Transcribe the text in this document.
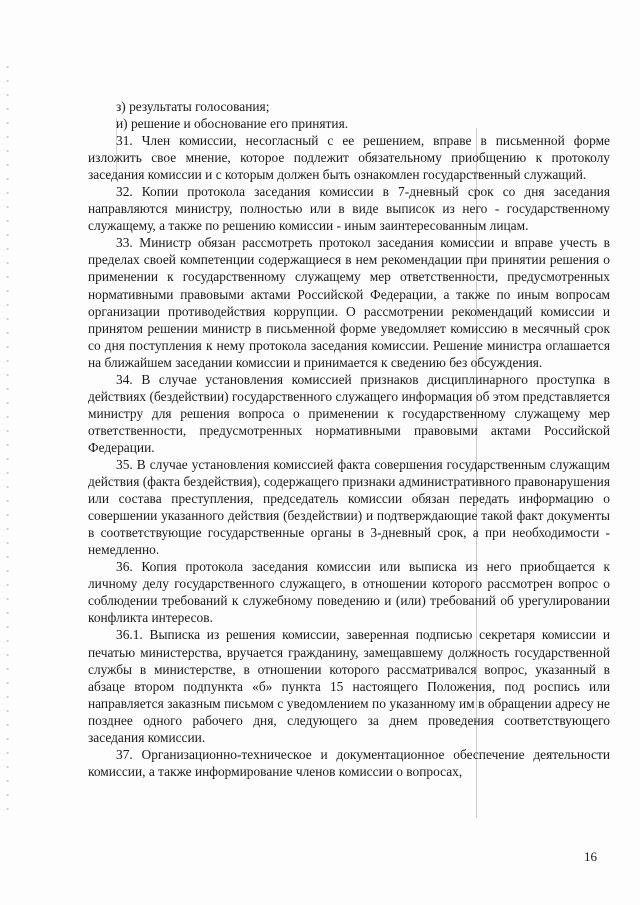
з) результаты голосования;

и) решение и обоснование его принятия.

31. Член комиссии, несогласный с ее решением, вправе в письменной форме изложить свое мнение, которое подлежит обязательному приобщению к протоколу заседания комиссии и с которым должен быть ознакомлен государственный служащий.

32. Копии протокола заседания комиссии в 7-дневный срок со дня заседания направляются министру, полностью или в виде выписок из него - государственному служащему, а также по решению комиссии - иным заинтересованным лицам.

33. Министр обязан рассмотреть протокол заседания комиссии и вправе учесть в пределах своей компетенции содержащиеся в нем рекомендации при принятии решения о применении к государственному служащему мер ответственности, предусмотренных нормативными правовыми актами Российской Федерации, а также по иным вопросам организации противодействия коррупции. О рассмотрении рекомендаций комиссии и принятом решении министр в письменной форме уведомляет комиссию в месячный срок со дня поступления к нему протокола заседания комиссии. Решение министра оглашается на ближайшем заседании комиссии и принимается к сведению без обсуждения.

34. В случае установления комиссией признаков дисциплинарного проступка в действиях (бездействии) государственного служащего информация об этом представляется министру для решения вопроса о применении к государственному служащему мер ответственности, предусмотренных нормативными правовыми актами Российской Федерации.

35. В случае установления комиссией факта совершения государственным служащим действия (факта бездействия), содержащего признаки административного правонарушения или состава преступления, председатель комиссии обязан передать информацию о совершении указанного действия (бездействии) и подтверждающие такой факт документы в соответствующие государственные органы в 3-дневный срок, а при необходимости - немедленно.

36. Копия протокола заседания комиссии или выписка из него приобщается к личному делу государственного служащего, в отношении которого рассмотрен вопрос о соблюдении требований к служебному поведению и (или) требований об урегулировании конфликта интересов.

36.1. Выписка из решения комиссии, заверенная подписью секретаря комиссии и печатью министерства, вручается гражданину, замещавшему должность государственной службы в министерстве, в отношении которого рассматривался вопрос, указанный в абзаце втором подпункта «б» пункта 15 настоящего Положения, под роспись или направляется заказным письмом с уведомлением по указанному им в обращении адресу не позднее одного рабочего дня, следующего за днем проведения соответствующего заседания комиссии.

37. Организационно-техническое и документационное обеспечение деятельности комиссии, а также информирование членов комиссии о вопросах,

16
